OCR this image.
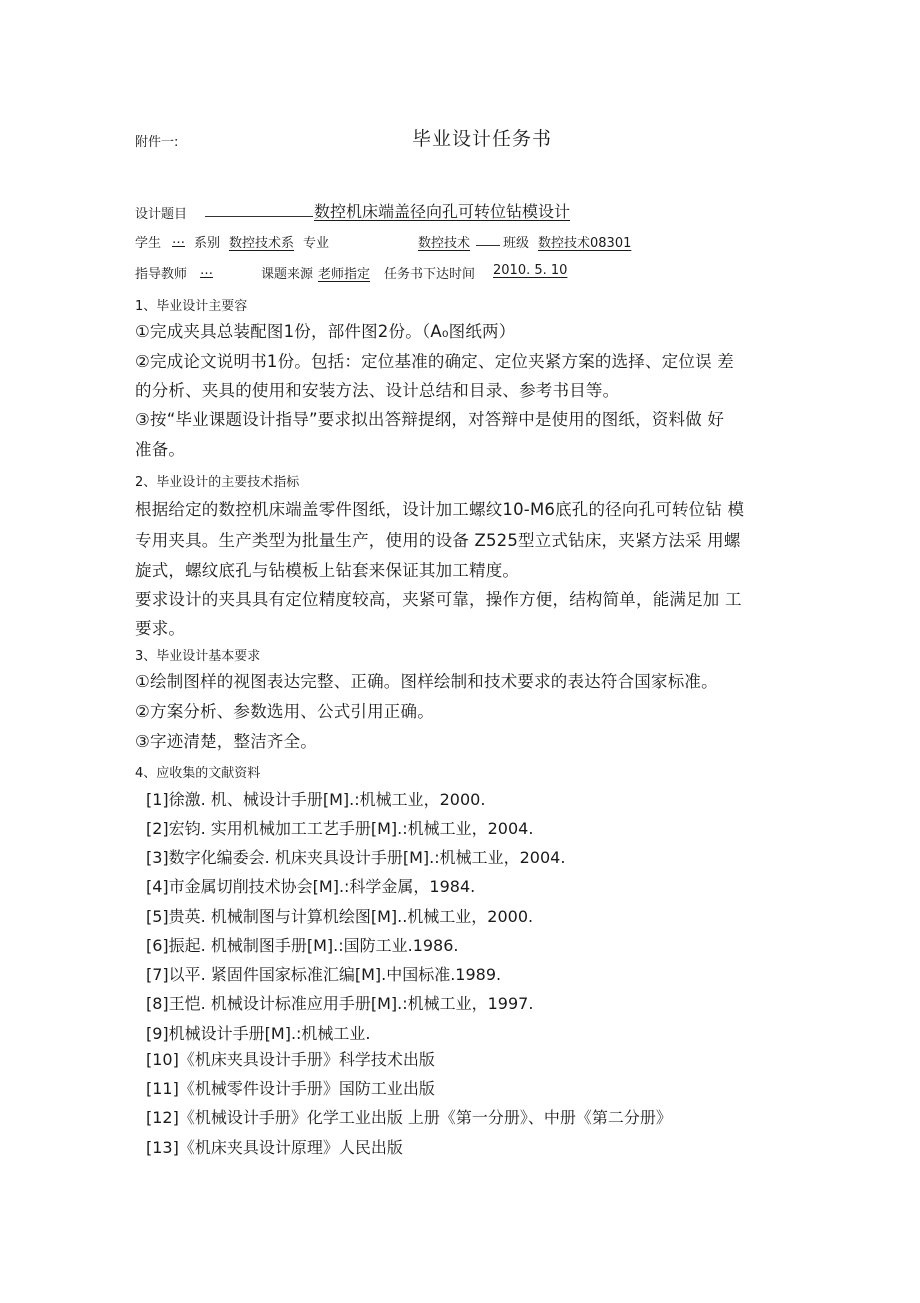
附件一:	毕业设计任务书
设计题目	数控机床端盖径向孔可转位钻模设计
学生 … 系别 数控技术系 专业	数控技术	班级 数控技术08301
指导教师 …	课题来源 老师指定 任务书下达时间 2010. 5. 10
1、毕业设计主要容
①完成夹具总装配图1份，部件图2份。（A₀图纸两）
②完成论文说明书1份。包括：定位基准的确定、定位夹紧方案的选择、定位误 差
的分析、夹具的使用和安装方法、设计总结和目录、参考书目等。
③按“毕业课题设计指导”要求拟出答辩提纲，对答辩中是使用的图纸，资料做 好
准备。
2、毕业设计的主要技术指标
根据给定的数控机床端盖零件图纸，设计加工螺纹10-M6底孔的径向孔可转位钻 模
专用夹具。生产类型为批量生产，使用的设备 Z525型立式钻床，夹紧方法采 用螺
旋式，螺纹底孔与钻模板上钻套来保证其加工精度。
要求设计的夹具具有定位精度较高，夹紧可靠，操作方便，结构简单，能满足加 工
要求。
3、毕业设计基本要求
①绘制图样的视图表达完整、正确。图样绘制和技术要求的表达符合国家标准。
②方案分析、参数选用、公式引用正确。
③字迹清楚，整洁齐全。
4、应收集的文献资料
[1]徐激. 机、械设计手册[M].:机械工业，2000.
[2]宏钧. 实用机械加工工艺手册[M].:机械工业，2004.
[3]数字化编委会. 机床夹具设计手册[M].:机械工业，2004.
[4]市金属切削技术协会[M].:科学金属，1984.
[5]贵英. 机械制图与计算机绘图[M]..机械工业，2000.
[6]振起. 机械制图手册[M].:国防工业.1986.
[7]以平. 紧固件国家标准汇编[M].中国标准.1989.
[8]王恺. 机械设计标准应用手册[M].:机械工业，1997.
[9]机械设计手册[M].:机械工业.
[10]《机床夹具设计手册》科学技术出版
[11]《机械零件设计手册》国防工业出版
[12]《机械设计手册》化学工业出版 上册《第一分册》、中册《第二分册》
[13]《机床夹具设计原理》人民出版
